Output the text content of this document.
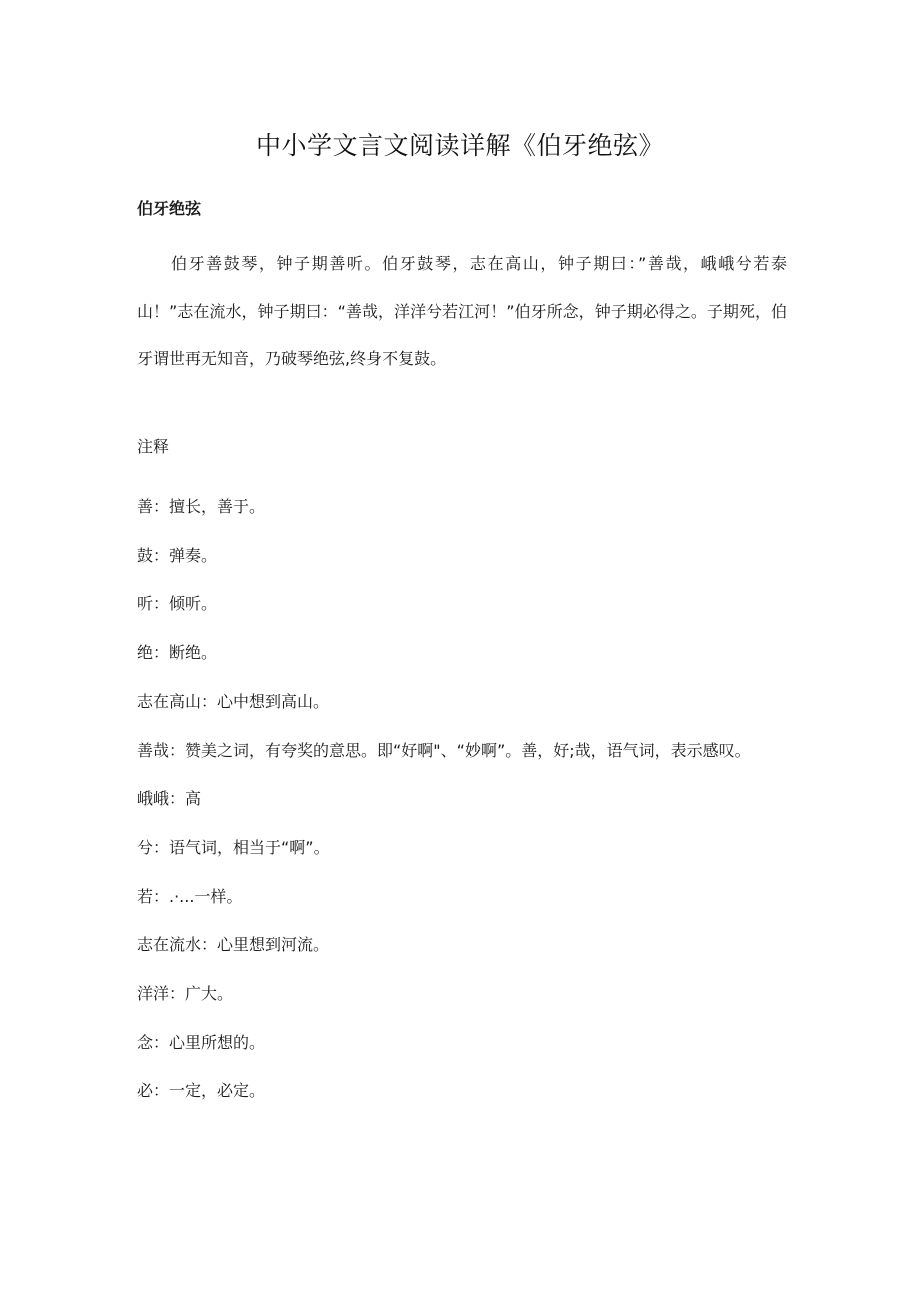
中小学文言文阅读详解《伯牙绝弦》
伯牙绝弦

伯牙善鼓琴，钟子期善听。伯牙鼓琴，志在高山，钟子期曰：”善哉，峨峨兮若泰山！”志在流水，钟子期曰：“善哉，洋洋兮若江河！”伯牙所念，钟子期必得之。子期死，伯牙谓世再无知音，乃破琴绝弦,终身不复鼓。

注释
善：擅长，善于。
鼓：弹奏。
听：倾听。
绝：断绝。
志在高山：心中想到高山。
善哉：赞美之词，有夸奖的意思。即“好啊"、“妙啊”。善，好;哉，语气词，表示感叹。
峨峨：高
兮：语气词，相当于“啊”。
若：.·...一样。
志在流水：心里想到河流。
洋洋：广大。
念：心里所想的。
必：一定，必定。
